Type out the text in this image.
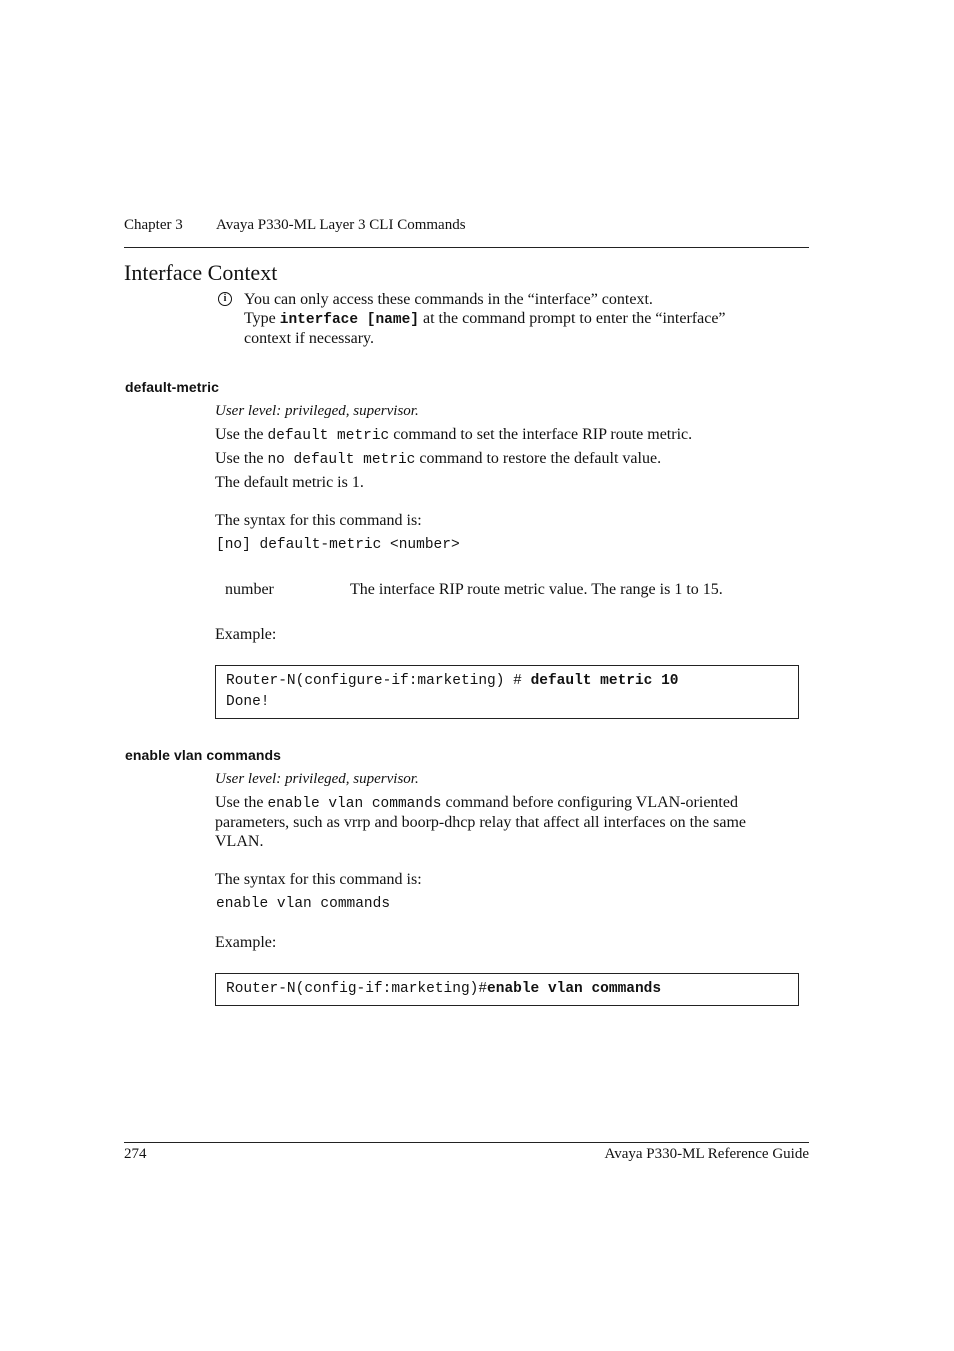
Chapter 3 Avaya P330-ML Layer 3 CLI Commands
Interface Context
i	You can only access these commands in the “interface” context.
Type interface [name] at the command prompt to enter the “interface”
context if necessary.
default-metric
User level: privileged, supervisor.
Use the default metric command to set the interface RIP route metric.
Use the no default metric command to restore the default value.
The default metric is 1.
The syntax for this command is:
[no] default-metric <number>
number	The interface RIP route metric value. The range is 1 to 15.
Example:
Router-N(configure-if:marketing) # default metric 10
Done!
enable vlan commands
User level: privileged, supervisor.
Use the enable vlan commands command before configuring VLAN-oriented
parameters, such as vrrp and boorp-dhcp relay that affect all interfaces on the same
VLAN.
The syntax for this command is:
enable vlan commands
Example:
Router-N(config-if:marketing)#enable vlan commands
274	Avaya P330-ML Reference Guide
